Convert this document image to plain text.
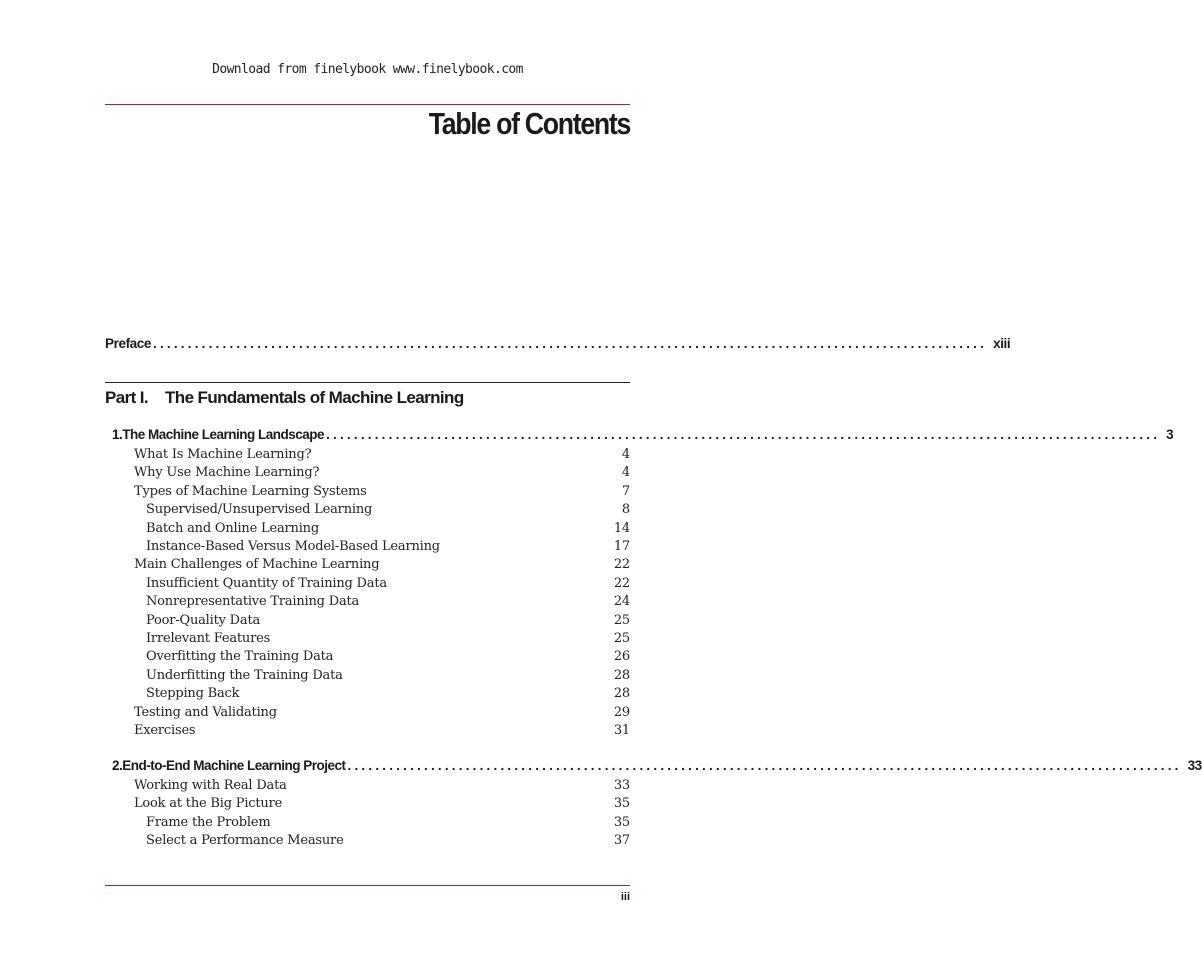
Download from finelybook www.finelybook.com
Table of Contents
Preface ........................................................................................................................ xiii
Part I. The Fundamentals of Machine Learning
1. The Machine Learning Landscape ........................................................................................................................ 3
What Is Machine Learning?	4
Why Use Machine Learning?	4
Types of Machine Learning Systems	7
Supervised/Unsupervised Learning	8
Batch and Online Learning	14
Instance-Based Versus Model-Based Learning	17
Main Challenges of Machine Learning	22
Insufficient Quantity of Training Data	22
Nonrepresentative Training Data	24
Poor-Quality Data	25
Irrelevant Features	25
Overfitting the Training Data	26
Underfitting the Training Data	28
Stepping Back	28
Testing and Validating	29
Exercises	31
2. End-to-End Machine Learning Project ........................................................................................................................ 33
Working with Real Data	33
Look at the Big Picture	35
Frame the Problem	35
Select a Performance Measure	37
iii
